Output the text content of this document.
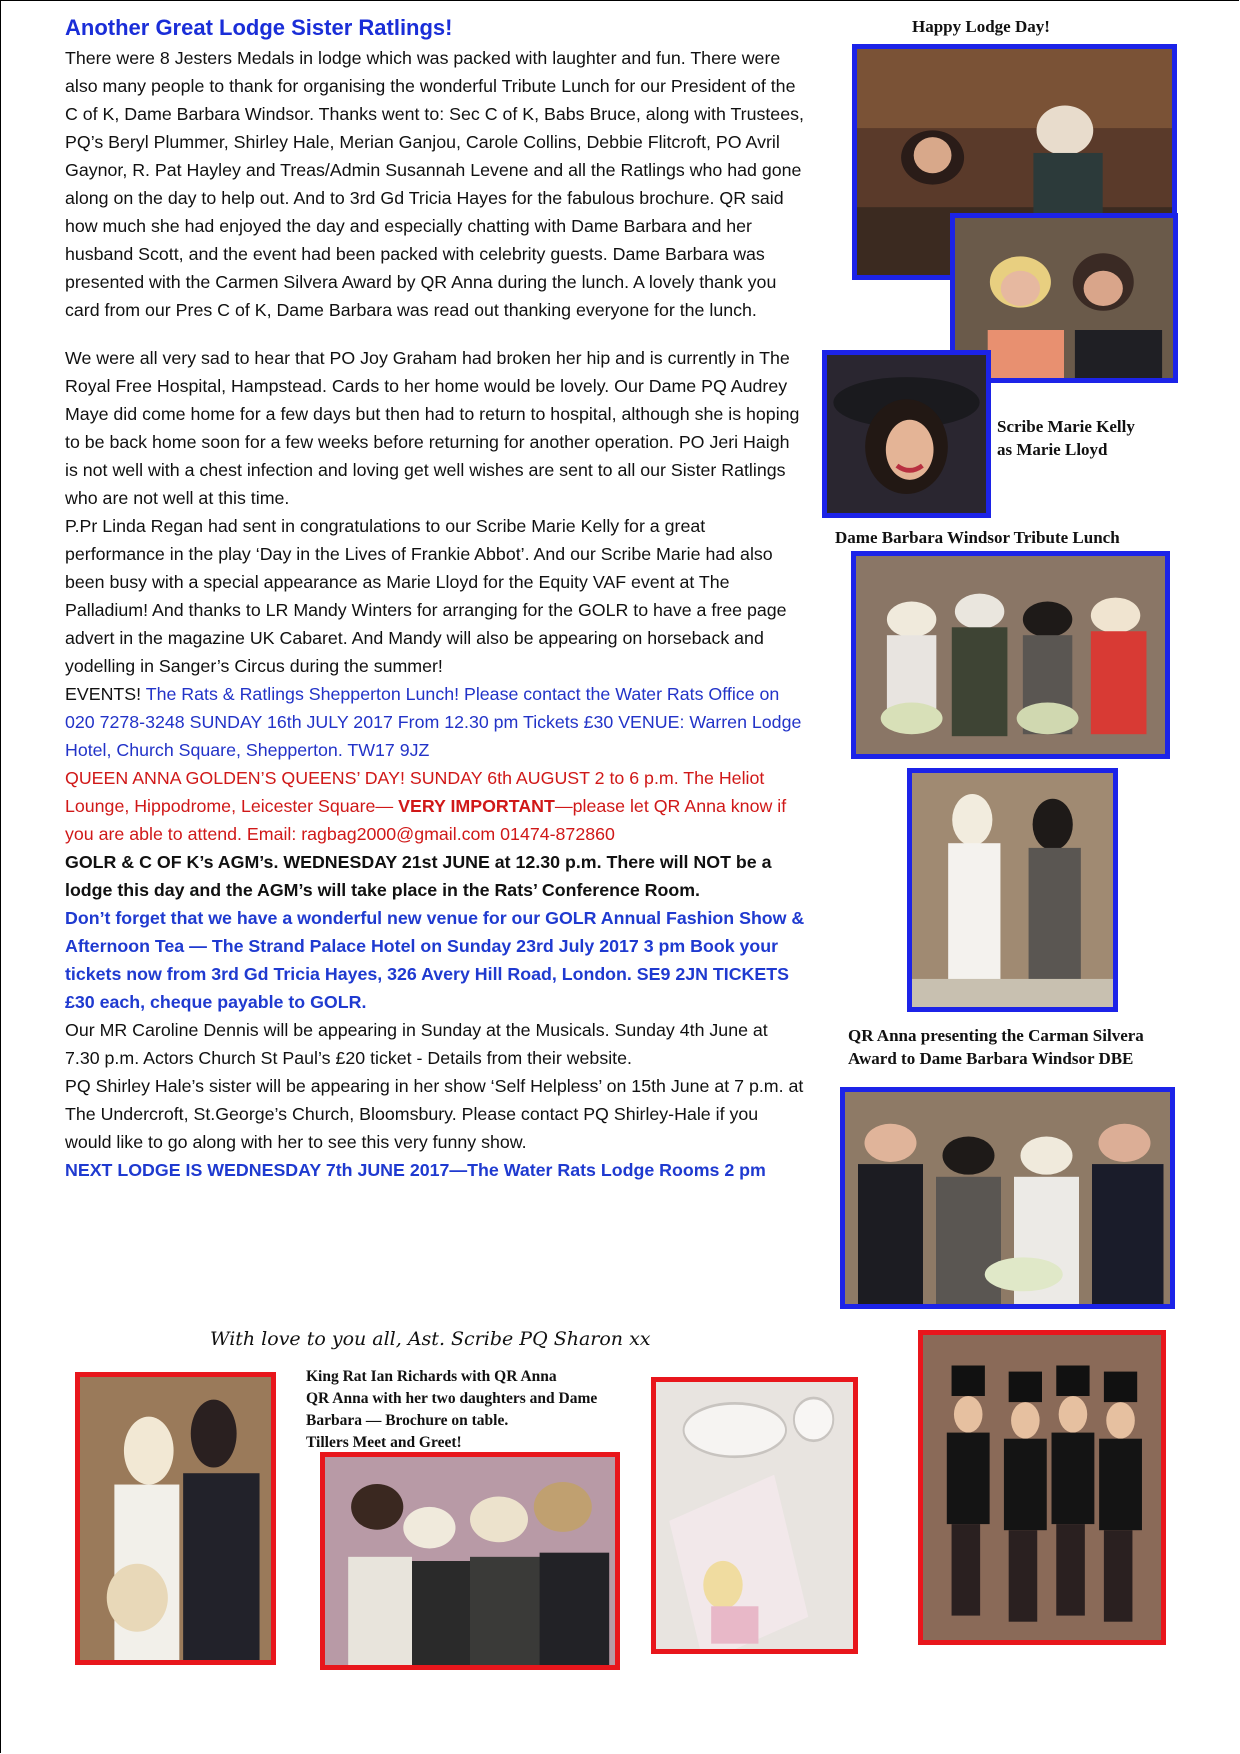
Another Great Lodge Sister Ratlings!

There were 8 Jesters Medals in lodge which was packed with laughter and fun. There were also many people to thank for organising the wonderful Tribute Lunch for our President of the C of K, Dame Barbara Windsor. Thanks went to: Sec C of K, Babs Bruce, along with Trustees, PQ’s Beryl Plummer, Shirley Hale, Merian Ganjou, Carole Collins, Debbie Flitcroft, PO Avril Gaynor, R. Pat Hayley and Treas/Admin Susannah Levene and all the Ratlings who had gone along on the day to help out. And to 3rd Gd Tricia Hayes for the fabulous brochure. QR said how much she had enjoyed the day and especially chatting with Dame Barbara and her husband Scott, and the event had been packed with celebrity guests. Dame Barbara was presented with the Carmen Silvera Award by QR Anna during the lunch. A lovely thank you card from our Pres C of K, Dame Barbara was read out thanking everyone for the lunch.

We were all very sad to hear that PO Joy Graham had broken her hip and is currently in The Royal Free Hospital, Hampstead. Cards to her home would be lovely. Our Dame PQ Audrey Maye did come home for a few days but then had to return to hospital, although she is hoping to be back home soon for a few weeks before returning for another operation. PO Jeri Haigh is not well with a chest infection and loving get well wishes are sent to all our Sister Ratlings who are not well at this time.

P.Pr Linda Regan had sent in congratulations to our Scribe Marie Kelly for a great performance in the play ‘Day in the Lives of Frankie Abbot’. And our Scribe Marie had also been busy with a special appearance as Marie Lloyd for the Equity VAF event at The Palladium! And thanks to LR Mandy Winters for arranging for the GOLR to have a free page advert in the magazine UK Cabaret. And Mandy will also be appearing on horseback and yodelling in Sanger’s Circus during the summer!

EVENTS! The Rats & Ratlings Shepperton Lunch! Please contact the Water Rats Office on 020 7278-3248 SUNDAY 16th JULY 2017 From 12.30 pm Tickets £30 VENUE: Warren Lodge Hotel, Church Square, Shepperton. TW17 9JZ

QUEEN ANNA GOLDEN’S QUEENS’ DAY! SUNDAY 6th AUGUST 2 to 6 p.m. The Heliot Lounge, Hippodrome, Leicester Square— VERY IMPORTANT—please let QR Anna know if you are able to attend. Email: ragbag2000@gmail.com 01474-872860

GOLR & C OF K’s AGM’s. WEDNESDAY 21st JUNE at 12.30 p.m. There will NOT be a lodge this day and the AGM’s will take place in the Rats’ Conference Room.

Don’t forget that we have a wonderful new venue for our GOLR Annual Fashion Show & Afternoon Tea — The Strand Palace Hotel on Sunday 23rd July 2017 3 pm Book your tickets now from 3rd Gd Tricia Hayes, 326 Avery Hill Road, London. SE9 2JN TICKETS £30 each, cheque payable to GOLR.

Our MR Caroline Dennis will be appearing in Sunday at the Musicals. Sunday 4th June at 7.30 p.m. Actors Church St Paul’s £20 ticket - Details from their website.

PQ Shirley Hale’s sister will be appearing in her show ‘Self Helpless’ on 15th June at 7 p.m. at The Undercroft, St.George’s Church, Bloomsbury. Please contact PQ Shirley-Hale if you would like to go along with her to see this very funny show.

NEXT LODGE IS WEDNESDAY 7th JUNE 2017—The Water Rats Lodge Rooms 2 pm

With love to you all, Ast. Scribe PQ Sharon xx
Happy Lodge Day!
Scribe Marie Kelly
as Marie Lloyd
Dame Barbara Windsor Tribute Lunch
QR Anna presenting the Carman Silvera
Award to Dame Barbara Windsor DBE
King Rat Ian Richards with QR Anna
QR Anna with her two daughters and Dame
Barbara — Brochure on table.
Tillers Meet and Greet!
